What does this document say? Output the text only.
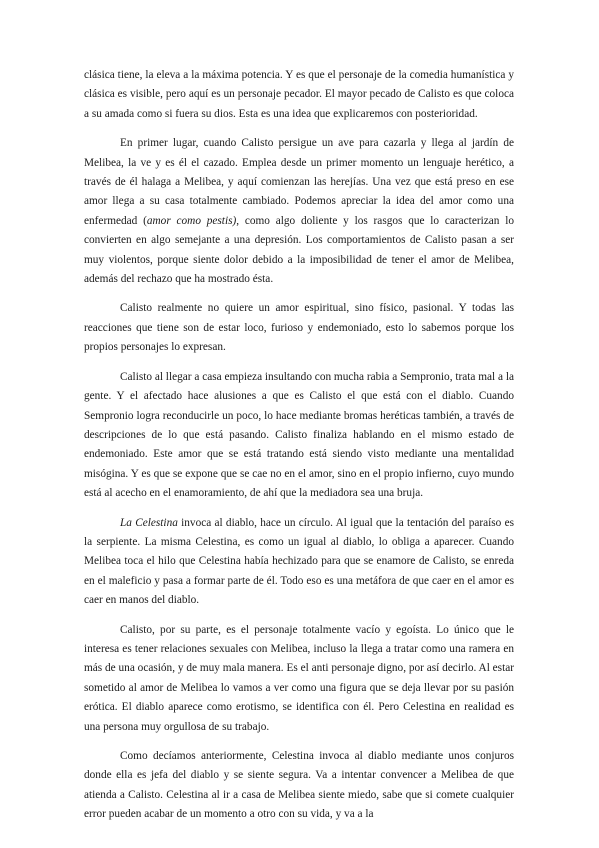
clásica tiene, la eleva a la máxima potencia. Y es que el personaje de la comedia humanística y clásica es visible, pero aquí es un personaje pecador. El mayor pecado de Calisto es que coloca a su amada como si fuera su dios. Esta es una idea que explicaremos con posterioridad.

En primer lugar, cuando Calisto persigue un ave para cazarla y llega al jardín de Melibea, la ve y es él el cazado. Emplea desde un primer momento un lenguaje herético, a través de él halaga a Melibea, y aquí comienzan las herejías. Una vez que está preso en ese amor llega a su casa totalmente cambiado. Podemos apreciar la idea del amor como una enfermedad (amor como pestis), como algo doliente y los rasgos que lo caracterizan lo convierten en algo semejante a una depresión. Los comportamientos de Calisto pasan a ser muy violentos, porque siente dolor debido a la imposibilidad de tener el amor de Melibea, además del rechazo que ha mostrado ésta.

Calisto realmente no quiere un amor espiritual, sino físico, pasional. Y todas las reacciones que tiene son de estar loco, furioso y endemoniado, esto lo sabemos porque los propios personajes lo expresan.

Calisto al llegar a casa empieza insultando con mucha rabia a Sempronio, trata mal a la gente. Y el afectado hace alusiones a que es Calisto el que está con el diablo. Cuando Sempronio logra reconducirle un poco, lo hace mediante bromas heréticas también, a través de descripciones de lo que está pasando. Calisto finaliza hablando en el mismo estado de endemoniado. Este amor que se está tratando está siendo visto mediante una mentalidad misógina. Y es que se expone que se cae no en el amor, sino en el propio infierno, cuyo mundo está al acecho en el enamoramiento, de ahí que la mediadora sea una bruja.

La Celestina invoca al diablo, hace un círculo. Al igual que la tentación del paraíso es la serpiente. La misma Celestina, es como un igual al diablo, lo obliga a aparecer. Cuando Melibea toca el hilo que Celestina había hechizado para que se enamore de Calisto, se enreda en el maleficio y pasa a formar parte de él. Todo eso es una metáfora de que caer en el amor es caer en manos del diablo.

Calisto, por su parte, es el personaje totalmente vacío y egoísta. Lo único que le interesa es tener relaciones sexuales con Melibea, incluso la llega a tratar como una ramera en más de una ocasión, y de muy mala manera. Es el anti personaje digno, por así decirlo. Al estar sometido al amor de Melibea lo vamos a ver como una figura que se deja llevar por su pasión erótica. El diablo aparece como erotismo, se identifica con él. Pero Celestina en realidad es una persona muy orgullosa de su trabajo.

Como decíamos anteriormente, Celestina invoca al diablo mediante unos conjuros donde ella es jefa del diablo y se siente segura. Va a intentar convencer a Melibea de que atienda a Calisto. Celestina al ir a casa de Melibea siente miedo, sabe que si comete cualquier error pueden acabar de un momento a otro con su vida, y va a la
